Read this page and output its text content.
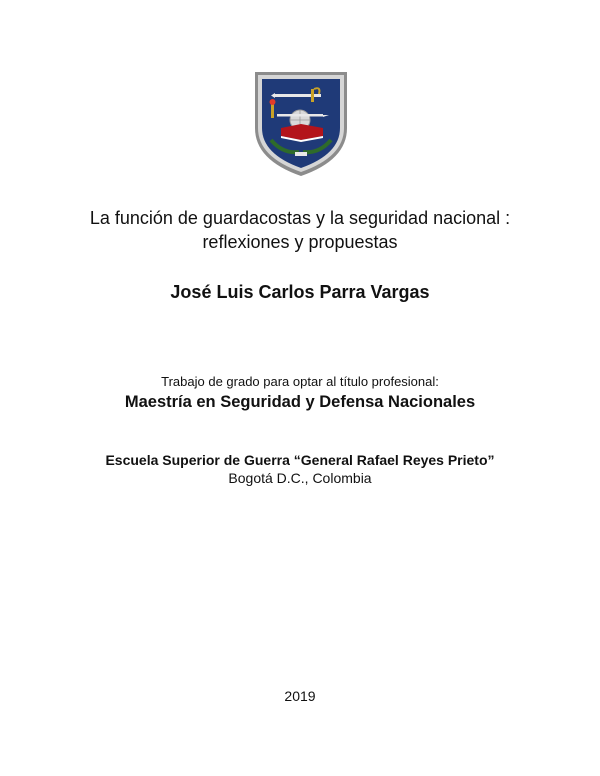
La función de guardacostas y la seguridad nacional :
reflexiones y propuestas
José Luis Carlos Parra Vargas
Trabajo de grado para optar al título profesional:
Maestría en Seguridad y Defensa Nacionales
Escuela Superior de Guerra “General Rafael Reyes Prieto”
Bogotá D.C., Colombia
2019
